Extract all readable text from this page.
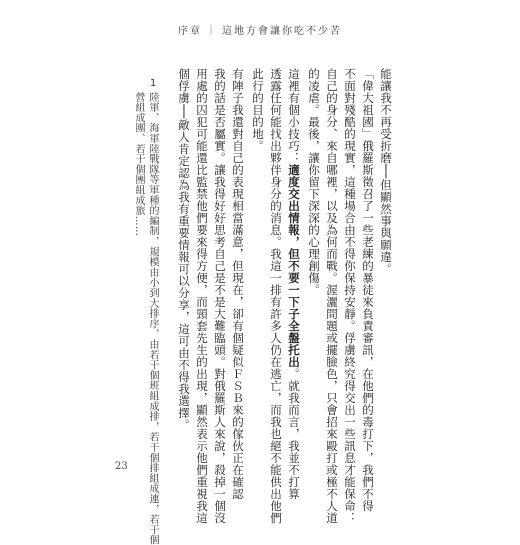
序章 ｜ 這地方會讓你吃不少苦
能讓我不再受折磨──但顯然事與願違。
「偉大祖國」俄羅斯徵召了一些老練的暴徒來負責審訊，在他們的毒打下，我們不得
不面對殘酷的現實，這種場合由不得你保持安靜。俘虜終究得交出一些訊息才能保命：
自己的身分、來自哪裡，以及為何而戰。渥灑問題或擺臉色，只會招來毆打或極不人道
的凌虐。最後，讓你留下深深的心理創傷。
這裡有個小技巧：適度交出情報，但不要一下子全盤托出。就我而言，我並不打算
透露任何能找出夥伴身分的消息。我這一排有許多人仍在逃亡，而我也絕不能供出他們
此行的目的地。
有陣子我還對自己的表現相當滿意，但現在，卻有個疑似ＦＳＢ來的傢伙正在確認
我的話是否屬實。讓我得好好思考自己是不是大難臨頭。對俄羅斯人來說，殺掉一個沒
用處的囚犯可能還比監禁他們要來得方便，而頸套先生的出現，顯然表示他們重視我這
個俘虜──敵人肯定認為我有重要情報可以分享，這可由不得我選擇。
1
陸軍、海軍陸戰隊等軍種的編制，規模由小到大排序，由若干個班組成排，若干個排組成連，若干個
營組成團、若干個團組成旅……
23
